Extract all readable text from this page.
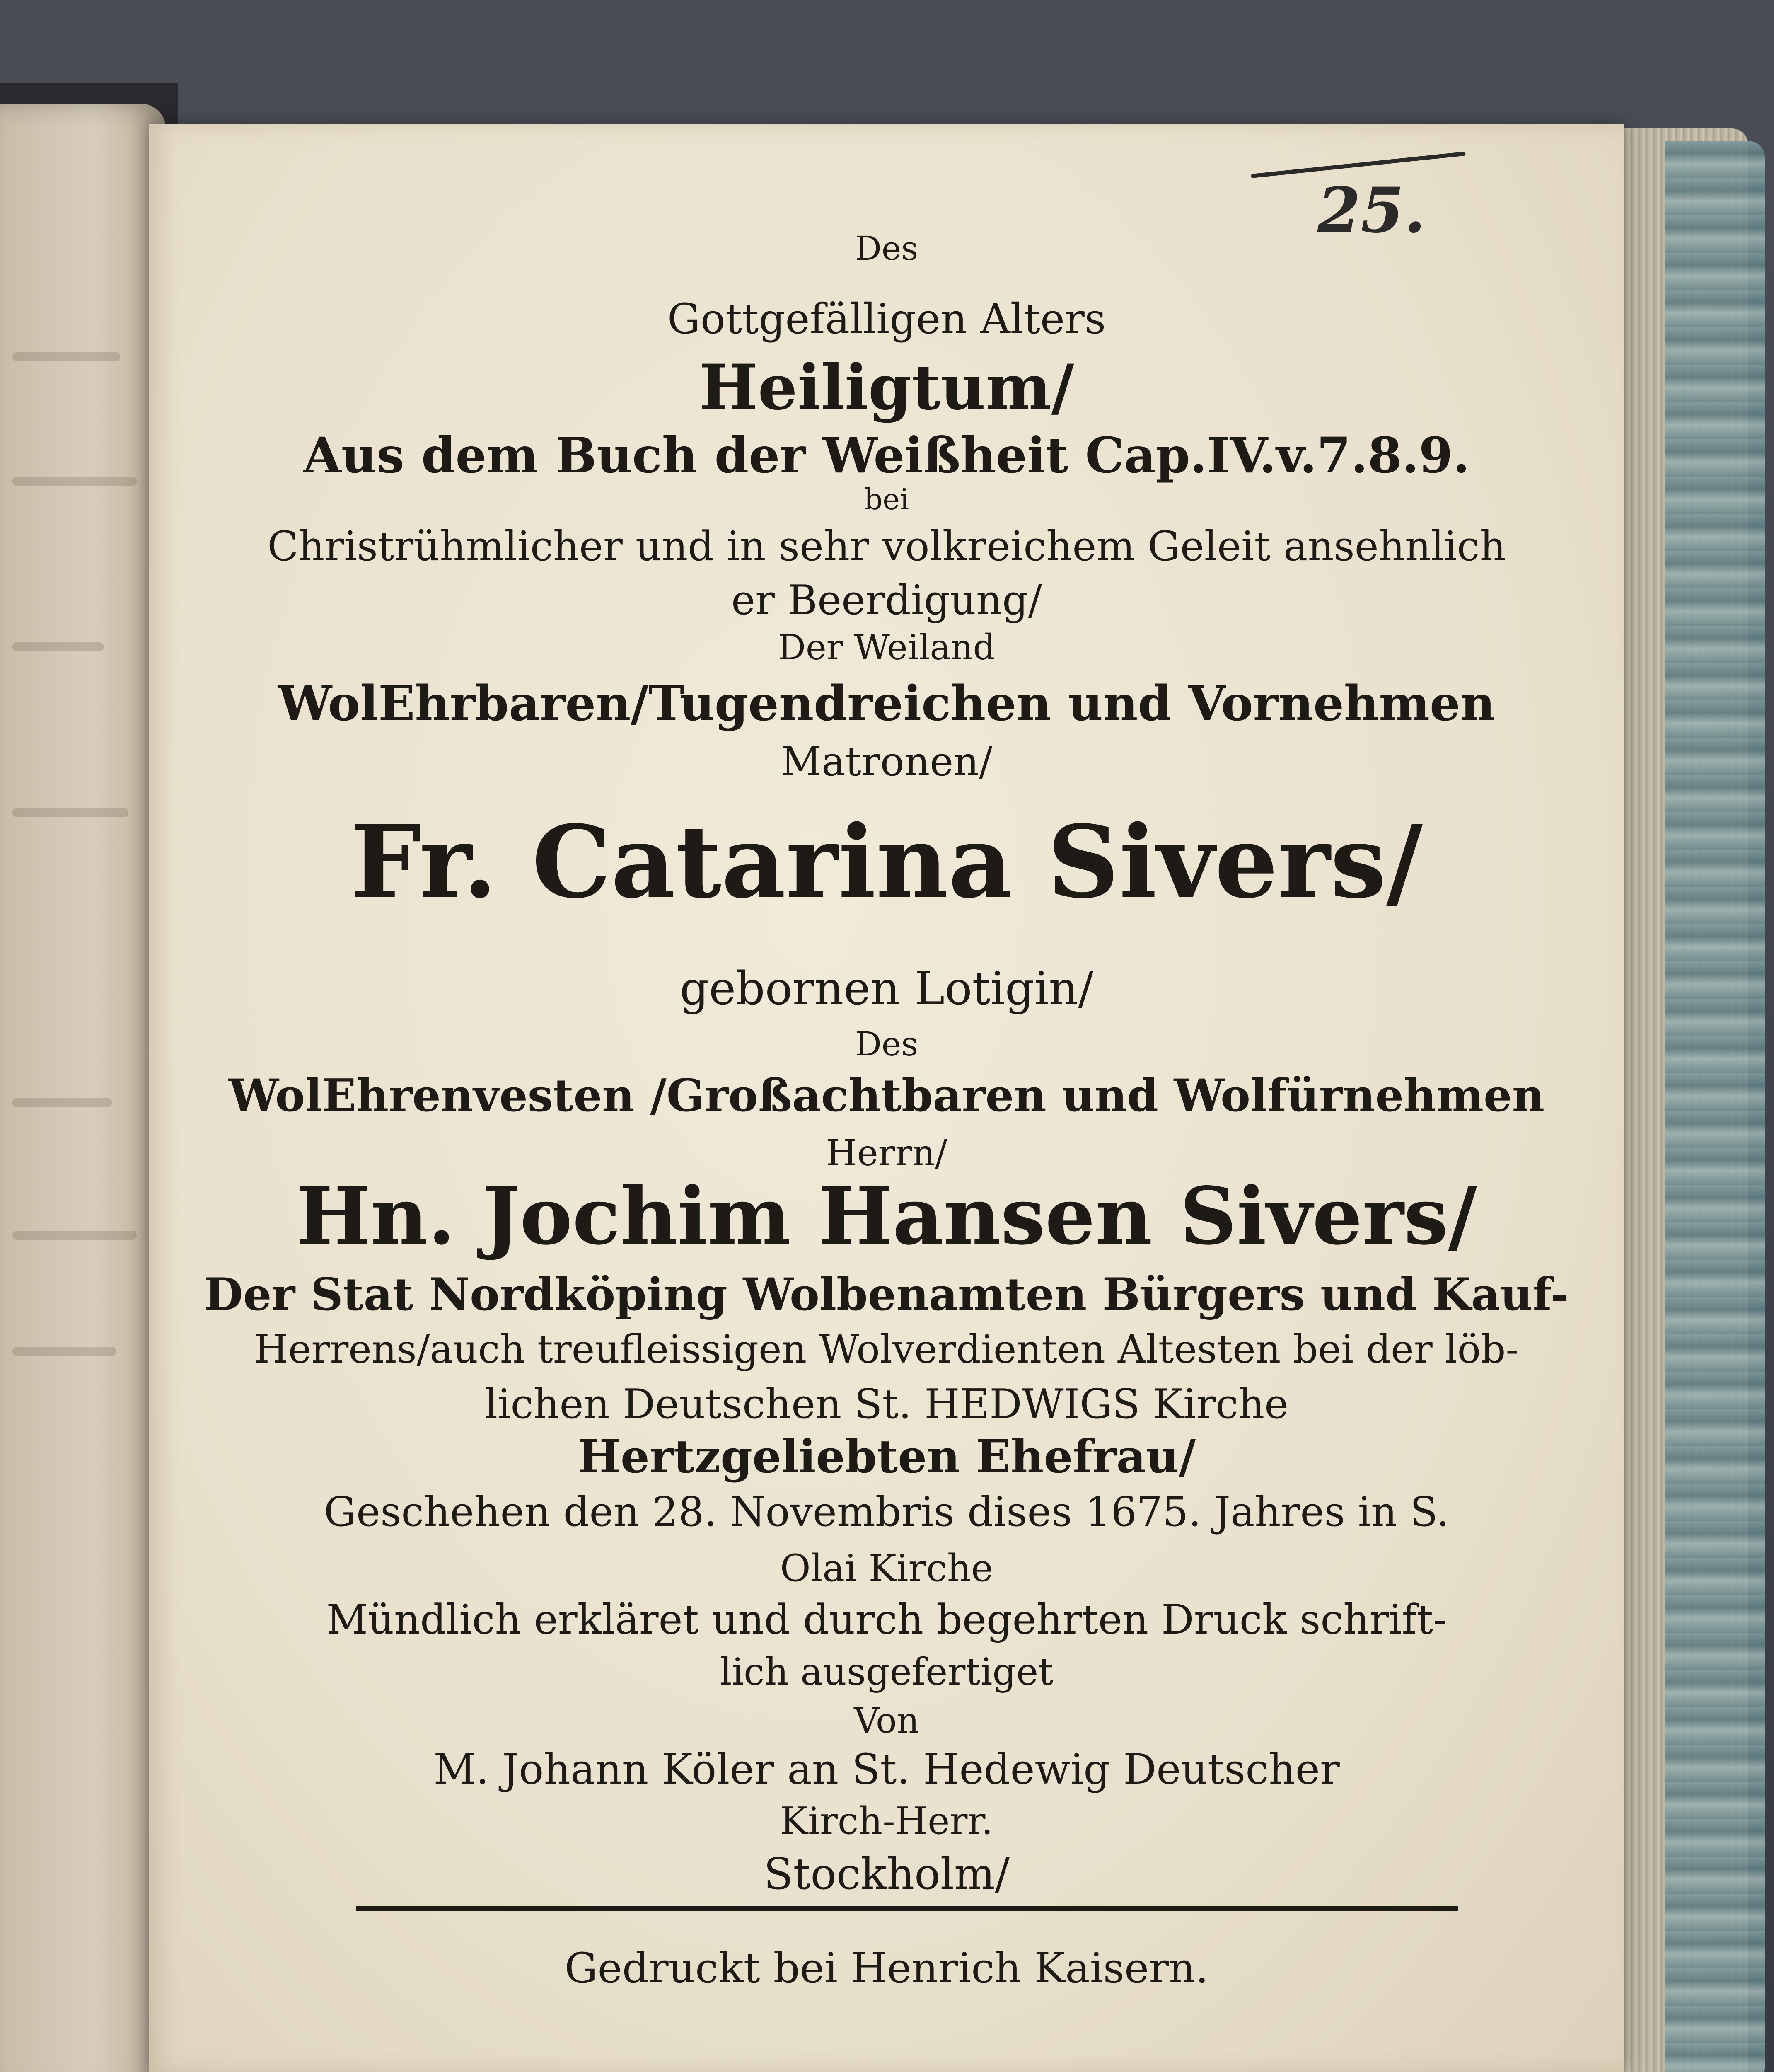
25.
Des
Gottgefälligen Alters
Heiligtum/
Aus dem Buch der Weißheit Cap.IV.v.7.8.9.
bei
Christrühmlicher und in sehr volkreichem Geleit ansehnlich
er Beerdigung/
Der Weiland
WolEhrbaren/Tugendreichen und Vornehmen
Matronen/
Fr. Catarina Sivers/
gebornen Lotigin/
Des
WolEhrenvesten /Großachtbaren und Wolfürnehmen
Herrn/
Hn. Jochim Hansen Sivers/
Der Stat Nordköping Wolbenamten Bürgers und Kauf-
Herrens/auch treufleissigen Wolverdienten Altesten bei der löb-
lichen Deutschen St. HEDWIGS Kirche
Hertzgeliebten Ehefrau/
Geschehen den 28. Novembris dises 1675. Jahres in S.
Olai Kirche
Mündlich erkläret und durch begehrten Druck schrift-
lich ausgefertiget
Von
M. Johann Köler an St. Hedewig Deutscher
Kirch-Herr.
Stockholm/
Gedruckt bei Henrich Kaisern.
